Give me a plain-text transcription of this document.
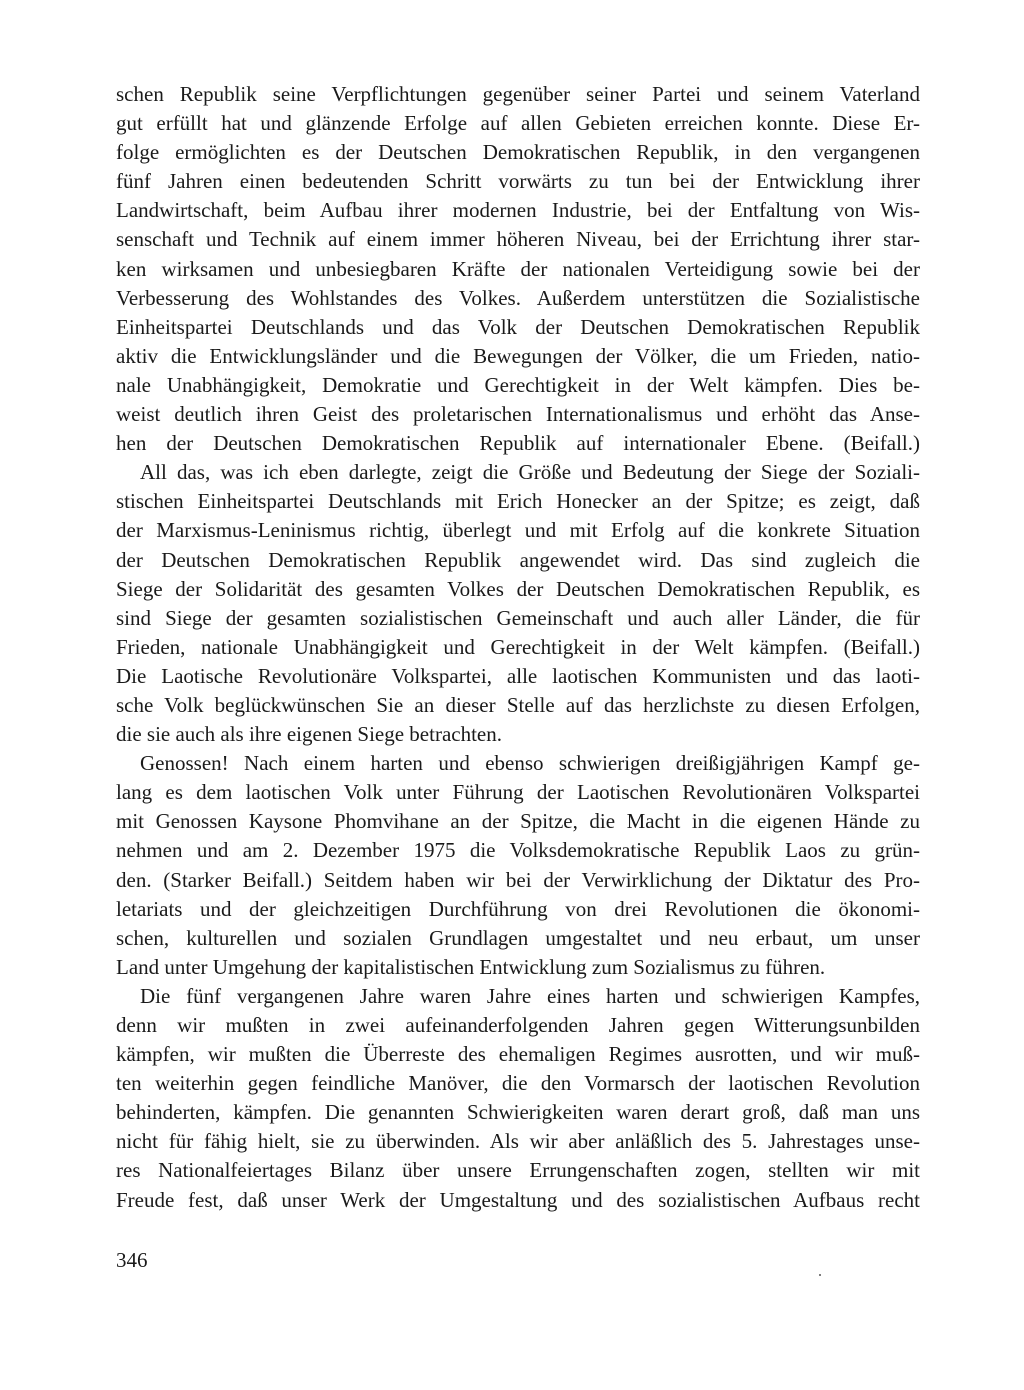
schen Republik seine Verpflichtungen gegenüber seiner Partei und seinem Vaterland
gut erfüllt hat und glänzende Erfolge auf allen Gebieten erreichen konnte. Diese Er-
folge ermöglichten es der Deutschen Demokratischen Republik, in den vergangenen
fünf Jahren einen bedeutenden Schritt vorwärts zu tun bei der Entwicklung ihrer
Landwirtschaft, beim Aufbau ihrer modernen Industrie, bei der Entfaltung von Wis-
senschaft und Technik auf einem immer höheren Niveau, bei der Errichtung ihrer star-
ken wirksamen und unbesiegbaren Kräfte der nationalen Verteidigung sowie bei der
Verbesserung des Wohlstandes des Volkes. Außerdem unterstützen die Sozialistische
Einheitspartei Deutschlands und das Volk der Deutschen Demokratischen Republik
aktiv die Entwicklungsländer und die Bewegungen der Völker, die um Frieden, natio-
nale Unabhängigkeit, Demokratie und Gerechtigkeit in der Welt kämpfen. Dies be-
weist deutlich ihren Geist des proletarischen Internationalismus und erhöht das Anse-
hen der Deutschen Demokratischen Republik auf internationaler Ebene. (Beifall.)
All das, was ich eben darlegte, zeigt die Größe und Bedeutung der Siege der Soziali-
stischen Einheitspartei Deutschlands mit Erich Honecker an der Spitze; es zeigt, daß
der Marxismus-Leninismus richtig, überlegt und mit Erfolg auf die konkrete Situation
der Deutschen Demokratischen Republik angewendet wird. Das sind zugleich die
Siege der Solidarität des gesamten Volkes der Deutschen Demokratischen Republik, es
sind Siege der gesamten sozialistischen Gemeinschaft und auch aller Länder, die für
Frieden, nationale Unabhängigkeit und Gerechtigkeit in der Welt kämpfen. (Beifall.)
Die Laotische Revolutionäre Volkspartei, alle laotischen Kommunisten und das laoti-
sche Volk beglückwünschen Sie an dieser Stelle auf das herzlichste zu diesen Erfolgen,
die sie auch als ihre eigenen Siege betrachten.
Genossen! Nach einem harten und ebenso schwierigen dreißigjährigen Kampf ge-
lang es dem laotischen Volk unter Führung der Laotischen Revolutionären Volkspartei
mit Genossen Kaysone Phomvihane an der Spitze, die Macht in die eigenen Hände zu
nehmen und am 2. Dezember 1975 die Volksdemokratische Republik Laos zu grün-
den. (Starker Beifall.) Seitdem haben wir bei der Verwirklichung der Diktatur des Pro-
letariats und der gleichzeitigen Durchführung von drei Revolutionen die ökonomi-
schen, kulturellen und sozialen Grundlagen umgestaltet und neu erbaut, um unser
Land unter Umgehung der kapitalistischen Entwicklung zum Sozialismus zu führen.
Die fünf vergangenen Jahre waren Jahre eines harten und schwierigen Kampfes,
denn wir mußten in zwei aufeinanderfolgenden Jahren gegen Witterungsunbilden
kämpfen, wir mußten die Überreste des ehemaligen Regimes ausrotten, und wir muß-
ten weiterhin gegen feindliche Manöver, die den Vormarsch der laotischen Revolution
behinderten, kämpfen. Die genannten Schwierigkeiten waren derart groß, daß man uns
nicht für fähig hielt, sie zu überwinden. Als wir aber anläßlich des 5. Jahrestages unse-
res Nationalfeiertages Bilanz über unsere Errungenschaften zogen, stellten wir mit
Freude fest, daß unser Werk der Umgestaltung und des sozialistischen Aufbaus recht
346
